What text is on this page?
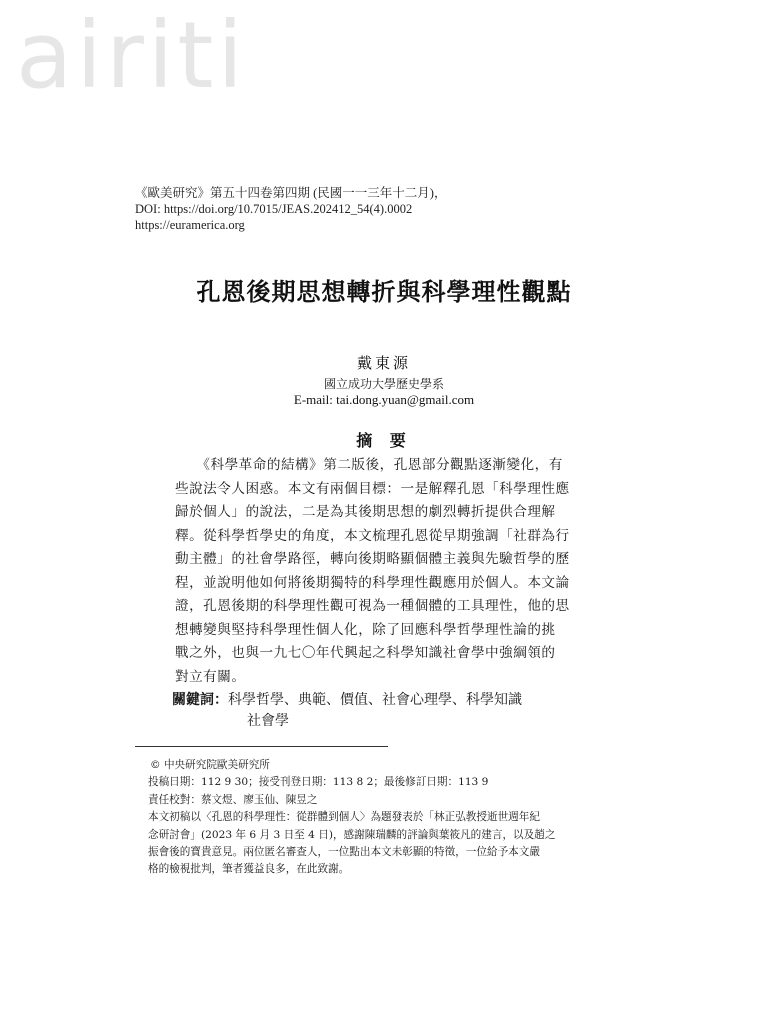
airiti
《歐美研究》第五十四卷第四期 (民國一一三年十二月)，
DOI: https://doi.org/10.7015/JEAS.202412_54(4).0002
https://euramerica.org
孔恩後期思想轉折與科學理性觀點
戴東源
國立成功大學歷史學系
E-mail: tai.dong.yuan@gmail.com
摘 要
　　《科學革命的結構》第二版後，孔恩部分觀點逐漸變化，有
些說法令人困惑。本文有兩個目標：一是解釋孔恩「科學理性應
歸於個人」的說法，二是為其後期思想的劇烈轉折提供合理解
釋。從科學哲學史的角度，本文梳理孔恩從早期強調「社群為行
動主體」的社會學路徑，轉向後期略顯個體主義與先驗哲學的歷
程，並說明他如何將後期獨特的科學理性觀應用於個人。本文論
證，孔恩後期的科學理性觀可視為一種個體的工具理性，他的思
想轉變與堅持科學理性個人化，除了回應科學哲學理性論的挑
戰之外，也與一九七〇年代興起之科學知識社會學中強綱領的
對立有關。
關鍵詞：科學哲學、典範、價值、社會心理學、科學知識
社會學
© 中央研究院歐美研究所
投稿日期：112 9 30；接受刊登日期：113 8 2；最後修訂日期：113 9
責任校對：蔡文煜、廖玉仙、陳昱之
本文初稿以〈孔恩的科學理性：從群體到個人〉為題發表於「林正弘教授逝世週年紀
念研討會」(2023 年 6 月 3 日至 4 日)，感謝陳瑞麟的評論與葉筱凡的建言，以及趙之
振會後的寶貴意見。兩位匿名審查人，一位點出本文未彰顯的特徵，一位給予本文嚴
格的檢視批判，筆者獲益良多，在此致謝。
